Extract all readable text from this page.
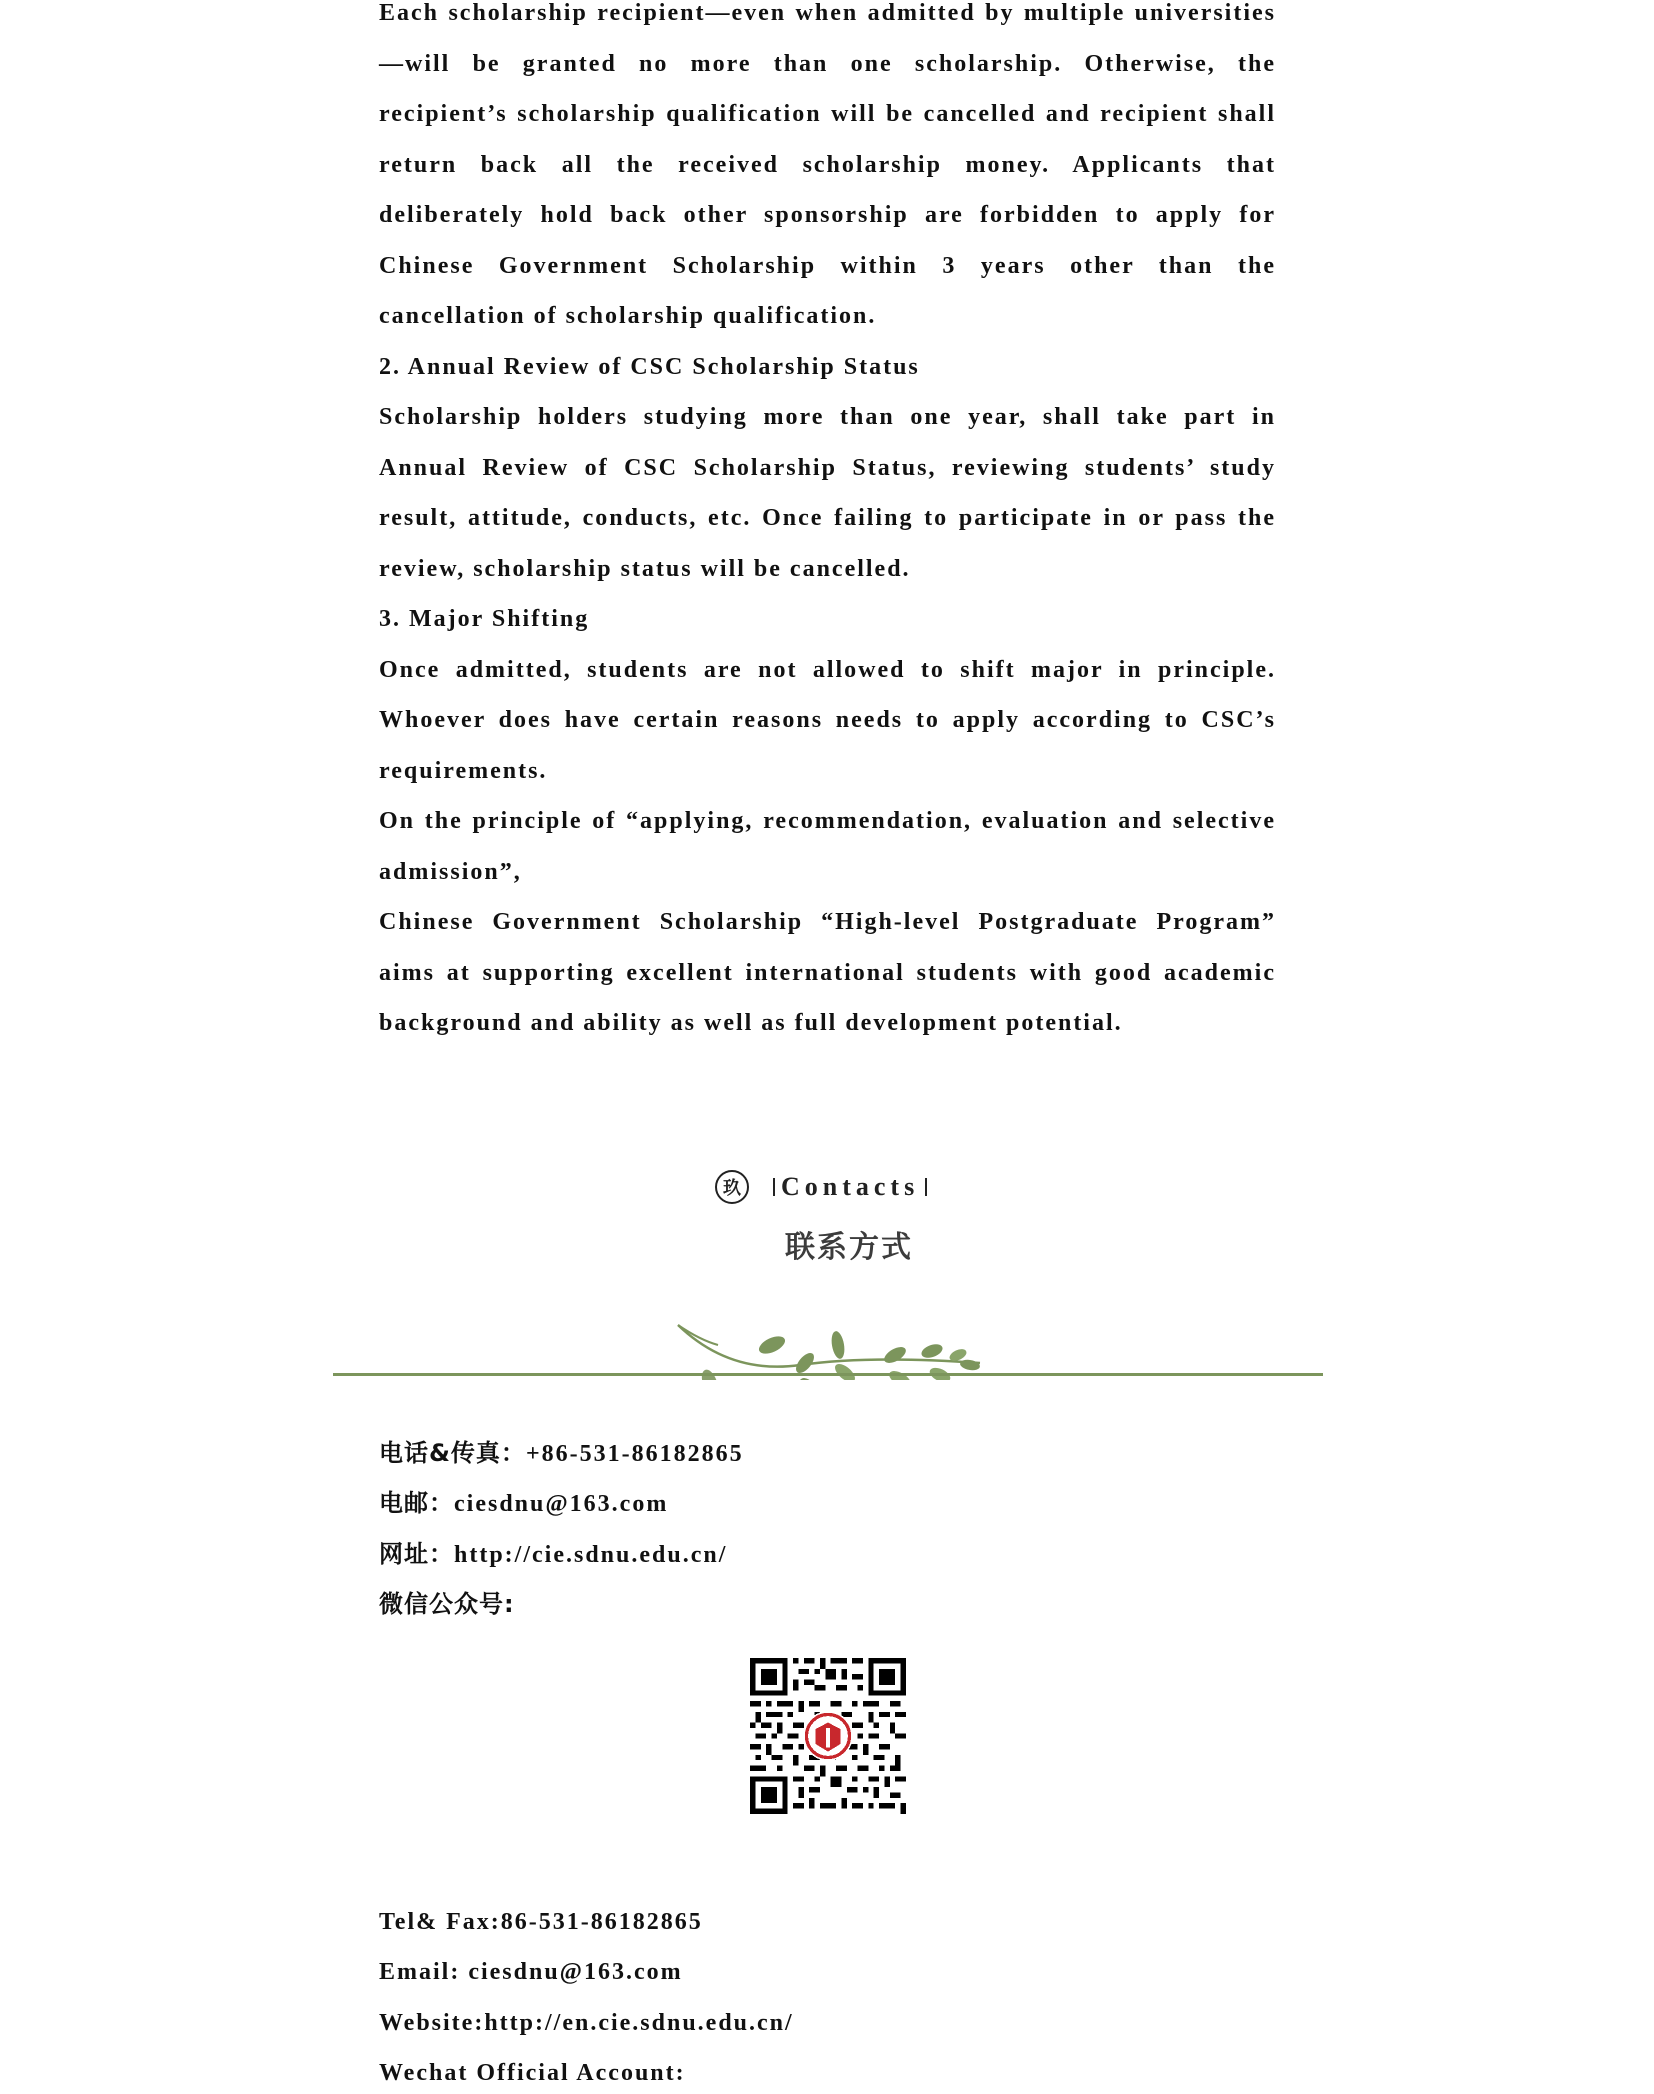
Each scholarship recipient—even when admitted by multiple universities—will be granted no more than one scholarship. Otherwise, the recipient’s scholarship qualification will be cancelled and recipient shall return back all the received scholarship money. Applicants that deliberately hold back other sponsorship are forbidden to apply for Chinese Government Scholarship within 3 years other than the cancellation of scholarship qualification.

2. Annual Review of CSC Scholarship Status

Scholarship holders studying more than one year, shall take part in Annual Review of CSC Scholarship Status, reviewing students’ study result, attitude, conducts, etc. Once failing to participate in or pass the review, scholarship status will be cancelled.

3. Major Shifting

Once admitted, students are not allowed to shift major in principle. Whoever does have certain reasons needs to apply according to CSC’s requirements.

On the principle of “applying, recommendation, evaluation and selective admission”,

Chinese Government Scholarship “High-level Postgraduate Program” aims at supporting excellent international students with good academic background and ability as well as full development potential.

玖	Contacts
联系方式
电话&传真：+86-531-86182865
电邮：ciesdnu@163.com
网址：http://cie.sdnu.edu.cn/
微信公众号:
Tel& Fax:86-531-86182865
Email: ciesdnu@163.com
Website:http://en.cie.sdnu.edu.cn/
Wechat Official Account:
